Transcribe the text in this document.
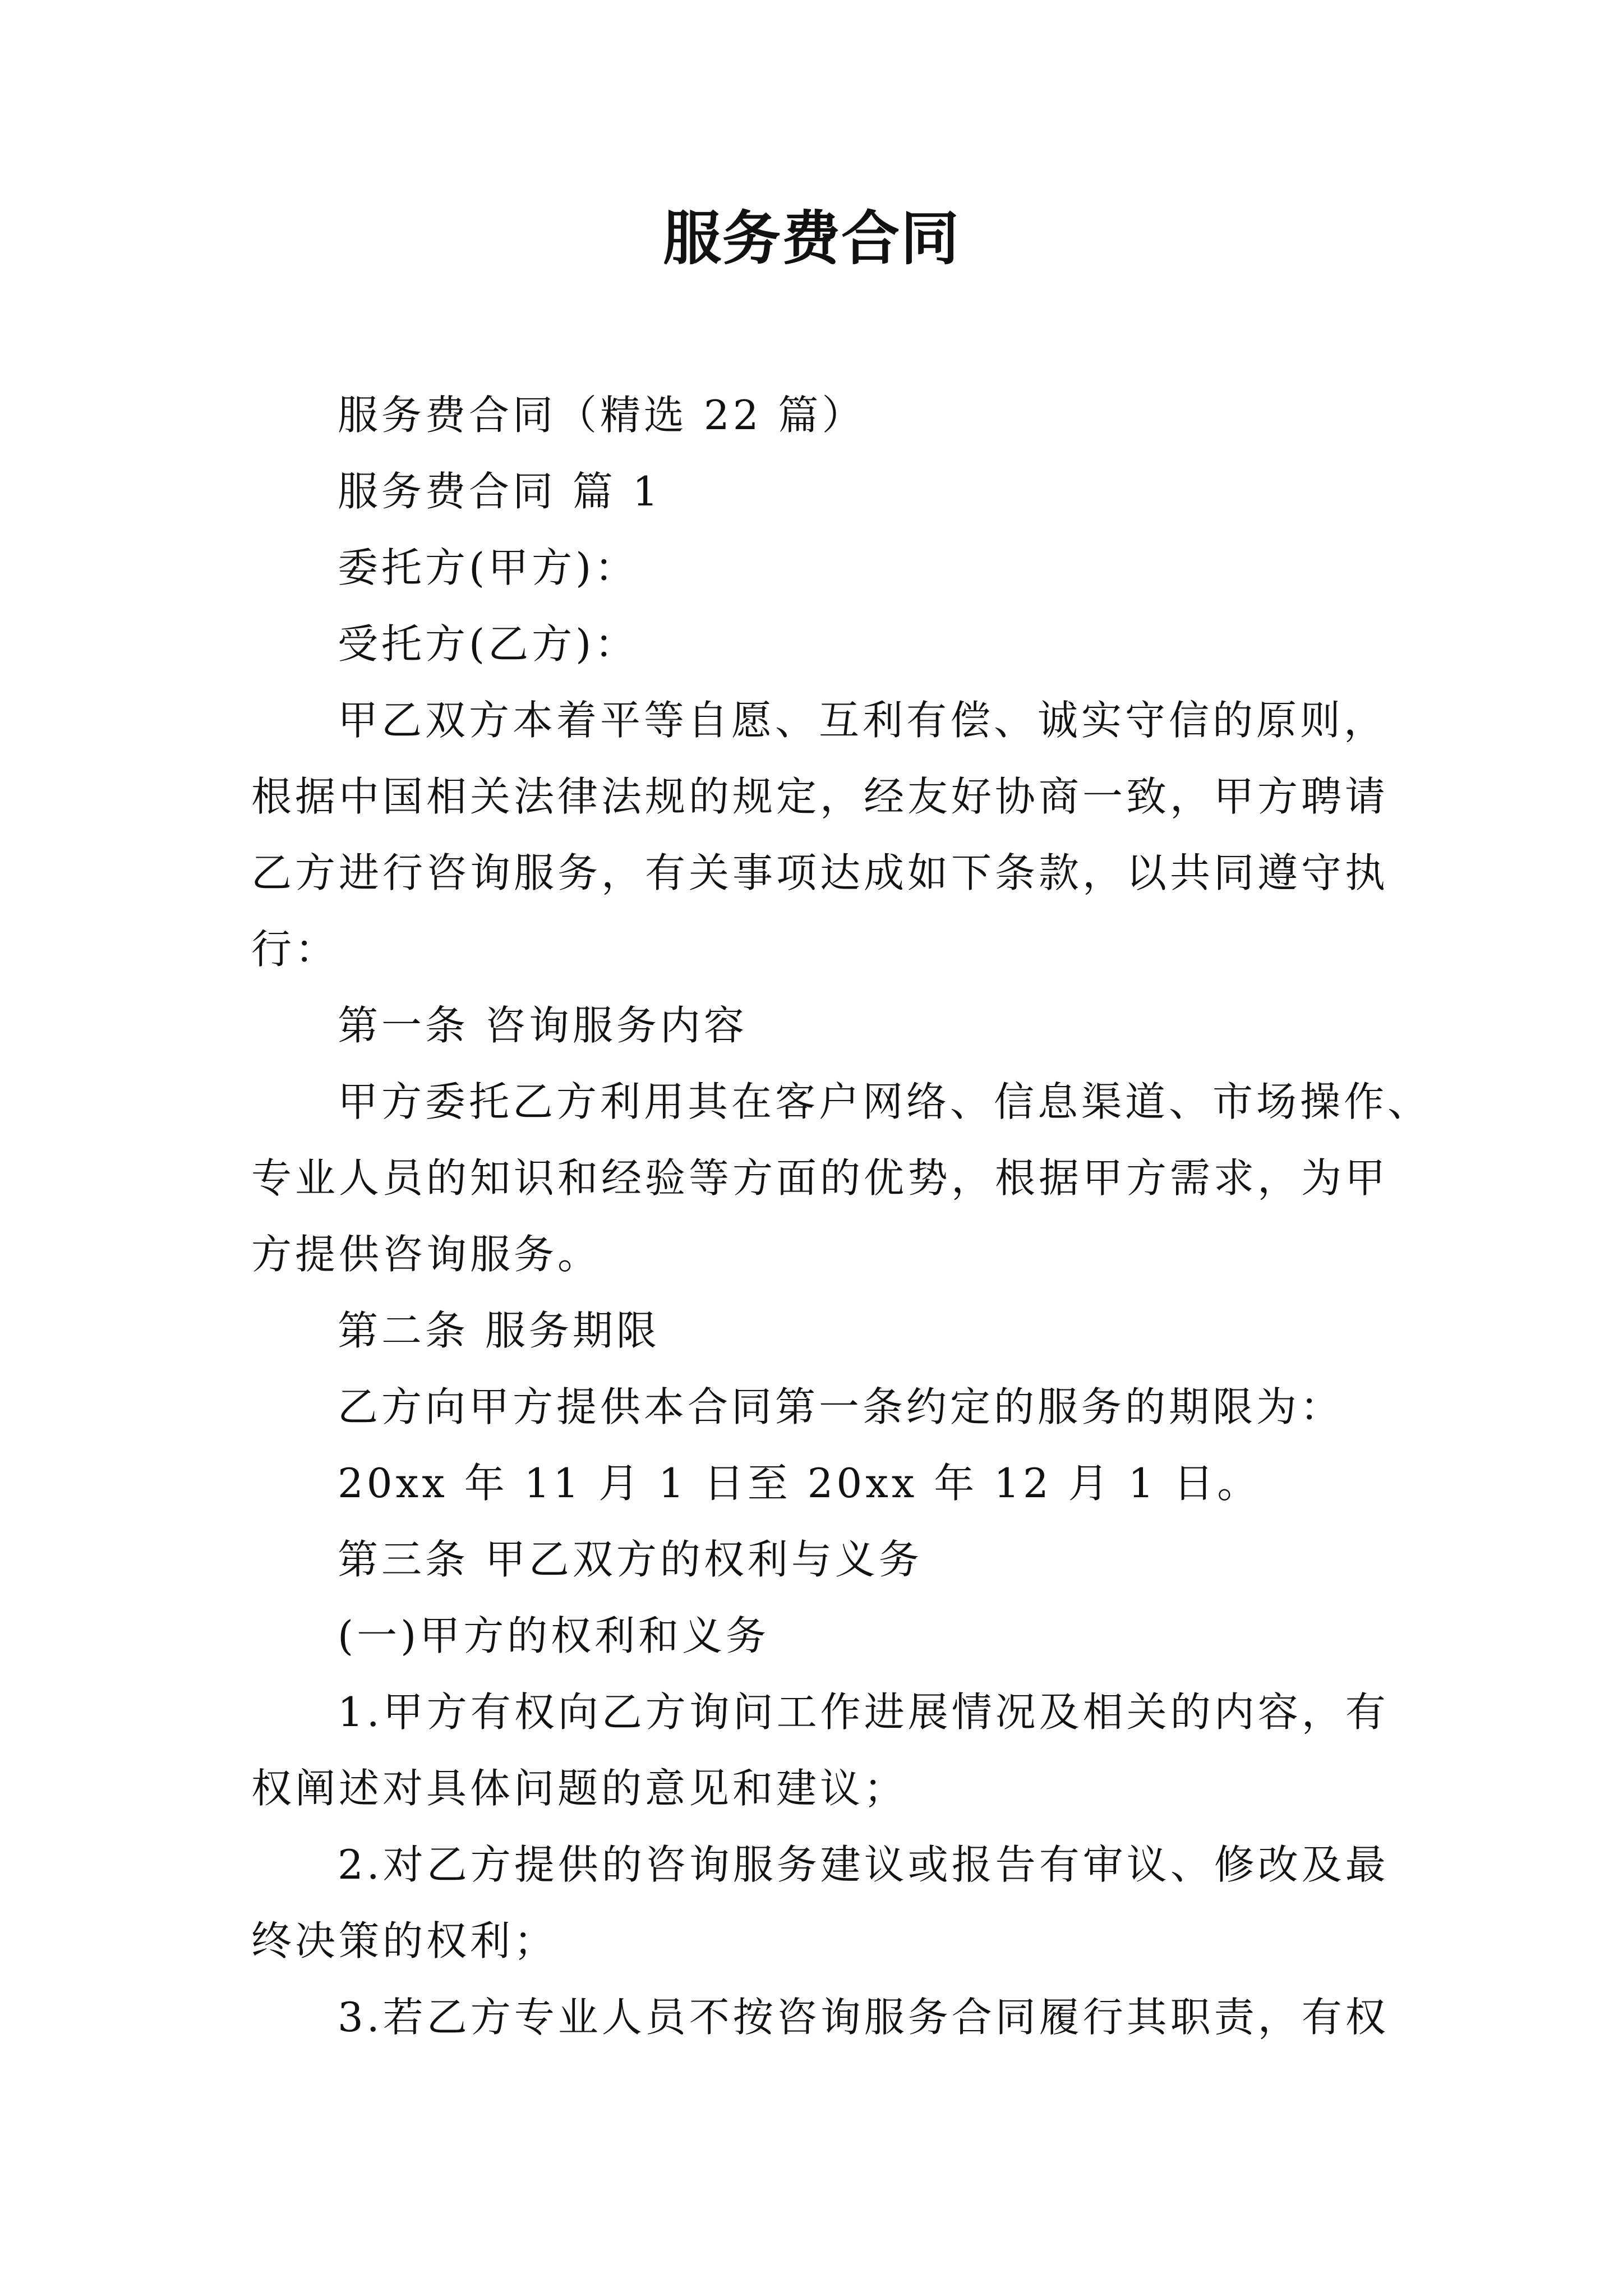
服务费合同
服务费合同（精选 22 篇）
服务费合同 篇 1
委托方(甲方)：
受托方(乙方)：
甲乙双方本着平等自愿、互利有偿、诚实守信的原则，
根据中国相关法律法规的规定，经友好协商一致，甲方聘请
乙方进行咨询服务，有关事项达成如下条款，以共同遵守执
行：
第一条 咨询服务内容
甲方委托乙方利用其在客户网络、信息渠道、市场操作、
专业人员的知识和经验等方面的优势，根据甲方需求，为甲
方提供咨询服务。
第二条 服务期限
乙方向甲方提供本合同第一条约定的服务的期限为：
20xx 年 11 月 1 日至 20xx 年 12 月 1 日。
第三条 甲乙双方的权利与义务
(一)甲方的权利和义务
1.甲方有权向乙方询问工作进展情况及相关的内容，有
权阐述对具体问题的意见和建议；
2.对乙方提供的咨询服务建议或报告有审议、修改及最
终决策的权利；
3.若乙方专业人员不按咨询服务合同履行其职责，有权
